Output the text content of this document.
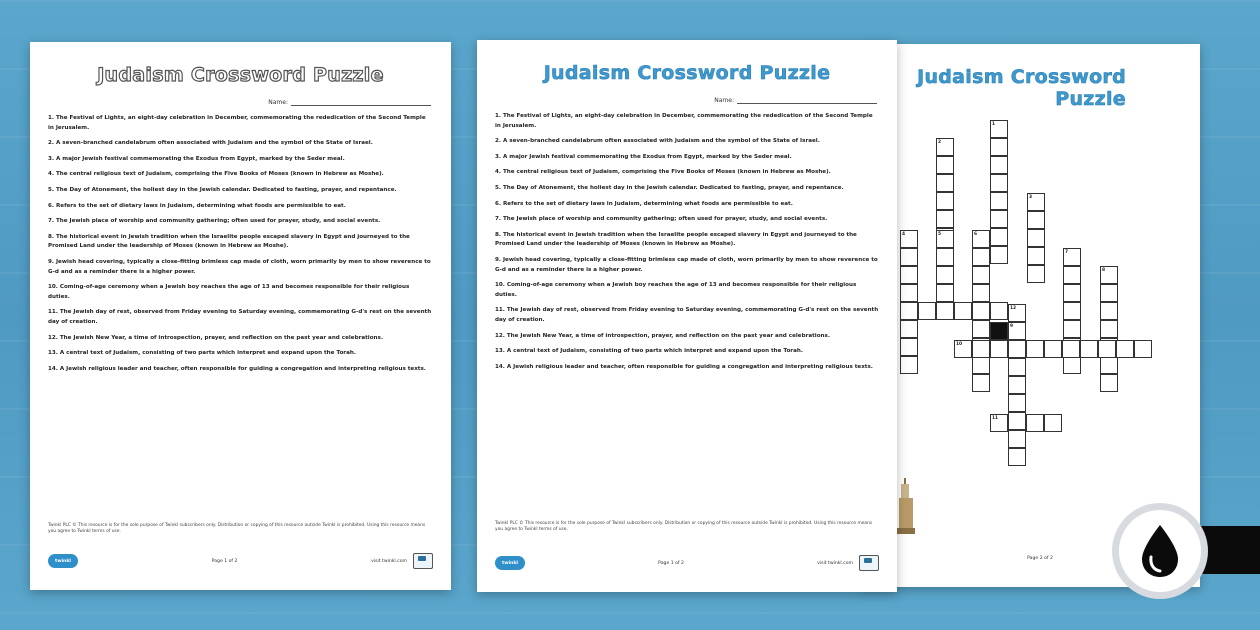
Judaism Crossword Puzzle
Name:
1. The Festival of Lights, an eight-day celebration in December, commemorating the rededication of the Second Temple in Jerusalem.
2. A seven-branched candelabrum often associated with Judaism and the symbol of the State of Israel.
3. A major Jewish festival commemorating the Exodus from Egypt, marked by the Seder meal.
4. The central religious text of Judaism, comprising the Five Books of Moses (known in Hebrew as Moshe).
5. The Day of Atonement, the holiest day in the Jewish calendar. Dedicated to fasting, prayer, and repentance.
6. Refers to the set of dietary laws in Judaism, determining what foods are permissible to eat.
7. The Jewish place of worship and community gathering; often used for prayer, study, and social events.
8. The historical event in Jewish tradition when the Israelite people escaped slavery in Egypt and journeyed to the Promised Land under the leadership of Moses (known in Hebrew as Moshe).
9. Jewish head covering, typically a close-fitting brimless cap made of cloth, worn primarily by men to show reverence to G-d and as a reminder there is a higher power.
10. Coming-of-age ceremony when a Jewish boy reaches the age of 13 and becomes responsible for their religious duties.
11. The Jewish day of rest, observed from Friday evening to Saturday evening, commemorating G-d's rest on the seventh day of creation.
12. The Jewish New Year, a time of introspection, prayer, and reflection on the past year and celebrations.
13. A central text of Judaism, consisting of two parts which interpret and expand upon the Torah.
14. A Jewish religious leader and teacher, often responsible for guiding a congregation and interpreting religious texts.
Twinkl PLC © This resource is for the sole purpose of Twinkl subscribers only. Distribution or copying of this resource outside Twinkl is prohibited. Using this resource means you agree to Twinkl terms of use.
twinkl	Page 1 of 2	visit twinkl.com
Judaism Crossword Puzzle
1
2
3
4	5	6
7
8
9
10
11
12
Page 2 of 2
Judaism Crossword Puzzle
Name:
1. The Festival of Lights, an eight-day celebration in December, commemorating the rededication of the Second Temple in Jerusalem.
2. A seven-branched candelabrum often associated with Judaism and the symbol of the State of Israel.
3. A major Jewish festival commemorating the Exodus from Egypt, marked by the Seder meal.
4. The central religious text of Judaism, comprising the Five Books of Moses (known in Hebrew as Moshe).
5. The Day of Atonement, the holiest day in the Jewish calendar. Dedicated to fasting, prayer, and repentance.
6. Refers to the set of dietary laws in Judaism, determining what foods are permissible to eat.
7. The Jewish place of worship and community gathering; often used for prayer, study, and social events.
8. The historical event in Jewish tradition when the Israelite people escaped slavery in Egypt and journeyed to the Promised Land under the leadership of Moses (known in Hebrew as Moshe).
9. Jewish head covering, typically a close-fitting brimless cap made of cloth, worn primarily by men to show reverence to G-d and as a reminder there is a higher power.
10. Coming-of-age ceremony when a Jewish boy reaches the age of 13 and becomes responsible for their religious duties.
11. The Jewish day of rest, observed from Friday evening to Saturday evening, commemorating G-d's rest on the seventh day of creation.
12. The Jewish New Year, a time of introspection, prayer, and reflection on the past year and celebrations.
13. A central text of Judaism, consisting of two parts which interpret and expand upon the Torah.
14. A Jewish religious leader and teacher, often responsible for guiding a congregation and interpreting religious texts.
Twinkl PLC © This resource is for the sole purpose of Twinkl subscribers only. Distribution or copying of this resource outside Twinkl is prohibited. Using this resource means you agree to Twinkl terms of use.
twinkl	Page 1 of 2	visit twinkl.com
